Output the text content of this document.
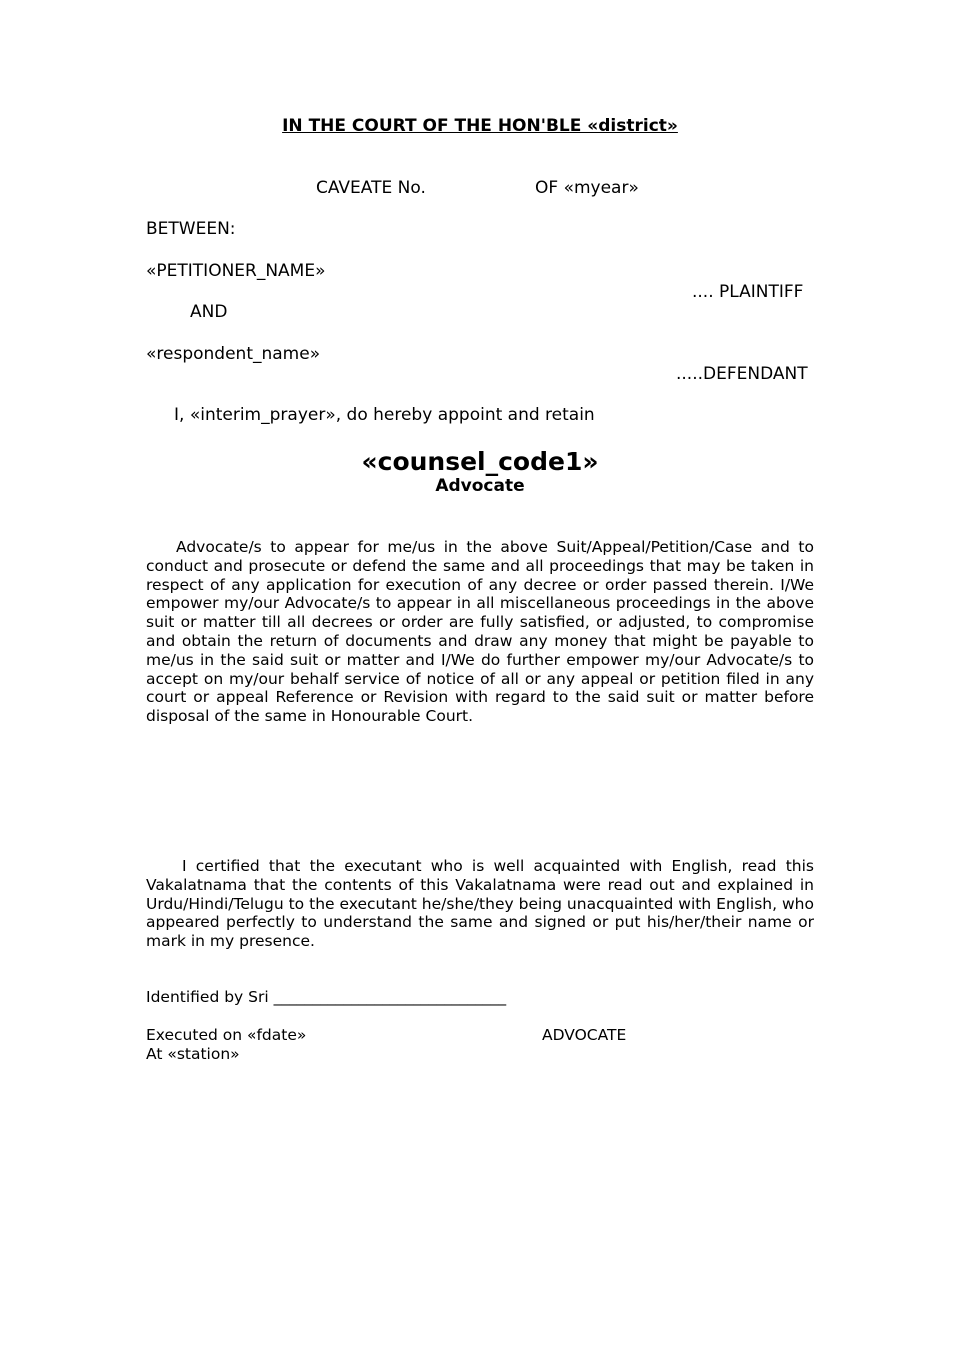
IN THE COURT OF THE HON'BLE «district»
CAVEATE No.	OF «myear»
BETWEEN:
«PETITIONER_NAME»
.... PLAINTIFF
AND
«respondent_name»
.....DEFENDANT
I, «interim_prayer», do hereby appoint and retain
«counsel_code1»
Advocate
Advocate/s to appear for me/us in the above Suit/Appeal/Petition/Case and to conduct and prosecute or defend the same and all proceedings that may be taken in respect of any application for execution of any decree or order passed therein. I/We empower my/our Advocate/s to appear in all miscellaneous proceedings in the above suit or matter till all decrees or order are fully satisfied, or adjusted, to compromise and obtain the return of documents and draw any money that might be payable to me/us in the said suit or matter and I/We do further empower my/our Advocate/s to accept on my/our behalf service of notice of all or any appeal or petition filed in any court or appeal Reference or Revision with regard to the said suit or matter before disposal of the same in Honourable Court.
I certified that the executant who is well acquainted with English, read this Vakalatnama that the contents of this Vakalatnama were read out and explained in Urdu/Hindi/Telugu to the executant he/she/they being unacquainted with English, who appeared perfectly to understand the same and signed or put his/her/their name or mark in my presence.
Identified by Sri ______________________________
Executed on «fdate»	ADVOCATE
At «station»
